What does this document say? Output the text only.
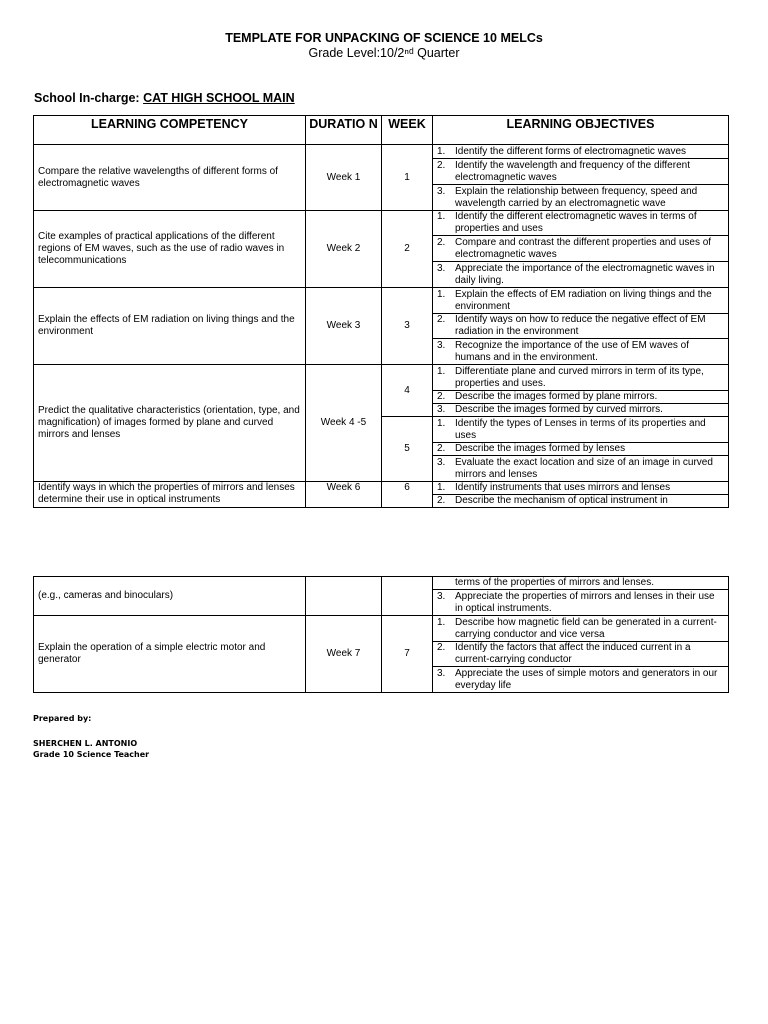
TEMPLATE FOR UNPACKING OF SCIENCE 10 MELCs
Grade Level:10/2ⁿᵈ Quarter
School In-charge: CAT HIGH SCHOOL MAIN
LEARNING COMPETENCY	DURATIO N	WEEK	LEARNING OBJECTIVES
Compare the relative wavelengths of different forms of electromagnetic waves	Week 1	1	1. Identify the different forms of electromagnetic waves
			2. Identify the wavelength and frequency of the different electromagnetic waves
			3. Explain the relationship between frequency, speed and wavelength carried by an electromagnetic wave
Cite examples of practical applications of the different regions of EM waves, such as the use of radio waves in telecommunications	Week 2	2	1. Identify the different electromagnetic waves in terms of properties and uses
			2. Compare and contrast the different properties and uses of electromagnetic waves
			3. Appreciate the importance of the electromagnetic waves in daily living.
Explain the effects of EM radiation on living things and the environment	Week 3	3	1. Explain the effects of EM radiation on living things and the environment
			2. Identify ways on how to reduce the negative effect of EM radiation in the environment
			3. Recognize the importance of the use of EM waves of humans and in the environment.
Predict the qualitative characteristics (orientation, type, and magnification) of images formed by plane and curved mirrors and lenses	Week 4 -5	4	1. Differentiate plane and curved mirrors in term of its type, properties and uses.
			2. Describe the images formed by plane mirrors.
			3. Describe the images formed by curved mirrors.
		5	1. Identify the types of Lenses in terms of its properties and uses
			2. Describe the images formed by lenses
			3. Evaluate the exact location and size of an image in curved mirrors and lenses
Identify ways in which the properties of mirrors and lenses determine their use in optical instruments	Week 6	6	1. Identify instruments that uses mirrors and lenses
			2. Describe the mechanism of optical instrument in
(e.g., cameras and binoculars)			terms of the properties of mirrors and lenses.
			3. Appreciate the properties of mirrors and lenses in their use in optical instruments.
Explain the operation of a simple electric motor and generator	Week 7	7	1. Describe how magnetic field can be generated in a current-carrying conductor and vice versa
			2. Identify the factors that affect the induced current in a current-carrying conductor
			3. Appreciate the uses of simple motors and generators in our everyday life
Prepared by:
SHERCHEN L. ANTONIO
Grade 10 Science Teacher
